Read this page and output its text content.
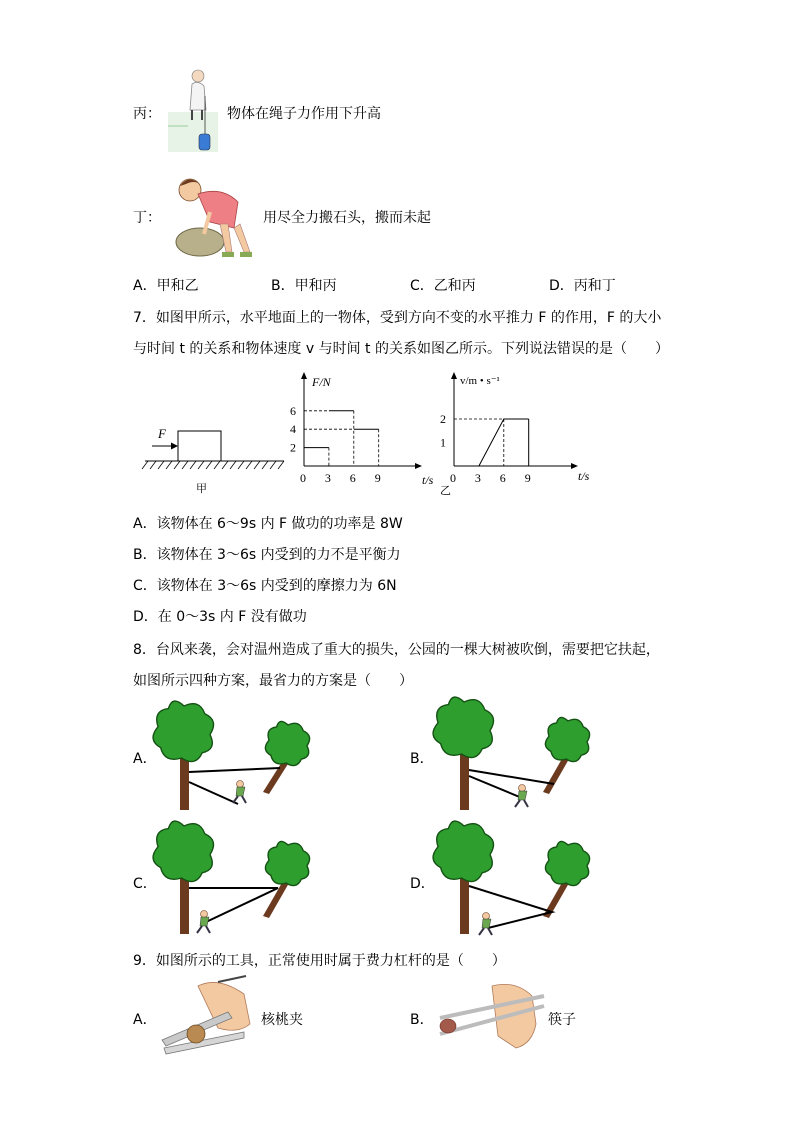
丙：	物体在绳子力作用下升高
丁：	用尽全力搬石头，搬而未起
A．甲和乙	B．甲和丙	C．乙和丙	D．丙和丁
7．如图甲所示，水平地面上的一物体，受到方向不变的水平推力 F 的作用，F 的大小
与时间 t 的关系和物体速度 v 与时间 t 的关系如图乙所示。下列说法错误的是（　　）
F
甲
F/N
t/s
0 3 6 9
2
4
6
v/m • s⁻¹
t/s
0 3 6 9
1
2
乙
A．该物体在 6～9s 内 F 做功的功率是 8W
B．该物体在 3～6s 内受到的力不是平衡力
C．该物体在 3～6s 内受到的摩擦力为 6N
D．在 0～3s 内 F 没有做功
8．台风来袭，会对温州造成了重大的损失，公园的一棵大树被吹倒，需要把它扶起，
如图所示四种方案，最省力的方案是（　　）
A．	B．
C．	D．
9．如图所示的工具，正常使用时属于费力杠杆的是（　　）
A．	核桃夹	B．	筷子
